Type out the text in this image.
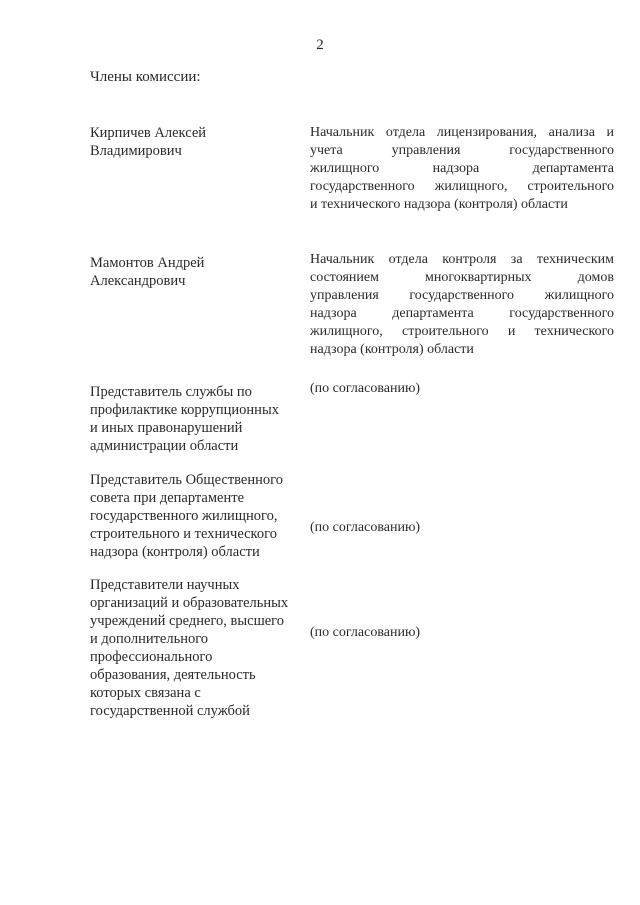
2
Члены комиссии:
Кирпичев Алексей
Владимирович
Начальник отдела лицензирования, анализа и
учета управления государственного
жилищного надзора департамента
государственного жилищного, строительного
и технического надзора (контроля) области
Мамонтов Андрей
Александрович
Начальник отдела контроля за техническим
состоянием многоквартирных домов
управления государственного жилищного
надзора департамента государственного
жилищного, строительного и технического
надзора (контроля) области
Представитель службы по
профилактике коррупционных
и иных правонарушений
администрации области
(по согласованию)
Представитель Общественного
совета при департаменте
государственного жилищного,
строительного и технического
надзора (контроля) области
(по согласованию)
Представители научных
организаций и образовательных
учреждений среднего, высшего
и дополнительного
профессионального
образования, деятельность
которых связана с
государственной службой
(по согласованию)
